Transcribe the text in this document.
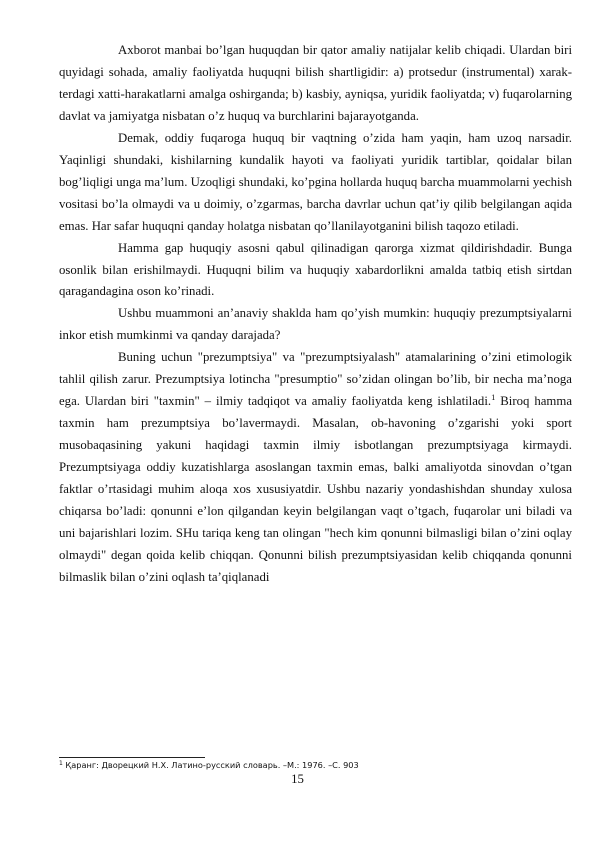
Axborot manbai bo’lgan huquqdan bir qator amaliy natijalar kelib chiqadi. Ulardan biri quyidagi sohada, amaliy faoliyatda huquqni bilish shartligidir: a) protsedur (instrumental) xarak-terdagi xatti-harakatlarni amalga oshirganda; b) kasbiy, ayniqsa, yuridik faoliyatda; v) fuqarolarning davlat va jamiyatga nisbatan o’z huquq va burchlarini bajarayotganda.

Demak, oddiy fuqaroga huquq bir vaqtning o’zida ham yaqin, ham uzoq narsadir. Yaqinligi shundaki, kishilarning kundalik hayoti va faoliyati yuridik tartiblar, qoidalar bilan bog’liqligi unga ma’lum. Uzoqligi shundaki, ko’pgina hollarda huquq barcha muammolarni yechish vositasi bo’la olmaydi va u doimiy, o’zgarmas, barcha davrlar uchun qat’iy qilib belgilangan aqida emas. Har safar huquqni qanday holatga nisbatan qo’llanilayotganini bilish taqozo etiladi.

Hamma gap huquqiy asosni qabul qilinadigan qarorga xizmat qildirishdadir. Bunga osonlik bilan erishilmaydi. Huquqni bilim va huquqiy xabardorlikni amalda tatbiq etish sirtdan qaragandagina oson ko’rinadi.

Ushbu muammoni an’anaviy shaklda ham qo’yish mumkin: huquqiy prezumptsiyalarni inkor etish mumkinmi va qanday darajada?

Buning uchun "prezumptsiya" va "prezumptsiyalash" atamalarining o’zini etimologik tahlil qilish zarur. Prezumptsiya lotincha "presumptio" so’zidan olingan bo’lib, bir necha ma’noga ega. Ulardan biri "taxmin" – ilmiy tadqiqot va amaliy faoliyatda keng ishlatiladi.$^1$ Biroq hamma taxmin ham prezumptsiya bo’lavermaydi. Masalan, ob-havoning o’zgarishi yoki sport musobaqasining yakuni haqidagi taxmin ilmiy isbotlangan prezumptsiyaga kirmaydi. Prezumptsiyaga oddiy kuzatishlarga asoslangan taxmin emas, balki amaliyotda sinovdan o’tgan faktlar o’rtasidagi muhim aloqa xos xususiyatdir. Ushbu nazariy yondashishdan shunday xulosa chiqarsa bo’ladi: qonunni e’lon qilgandan keyin belgilangan vaqt o’tgach, fuqarolar uni biladi va uni bajarishlari lozim. SHu tariqa keng tan olingan "hech kim qonunni bilmasligi bilan o’zini oqlay olmaydi" degan qoida kelib chiqqan. Qonunni bilish prezumptsiyasidan kelib chiqqanda qonunni bilmaslik bilan o’zini oqlash ta’qiqlanadi

$^1$ Қаранг: Дворецкий Н.Х. Латино-русский словарь. –М.: 1976. –С. 903
15
